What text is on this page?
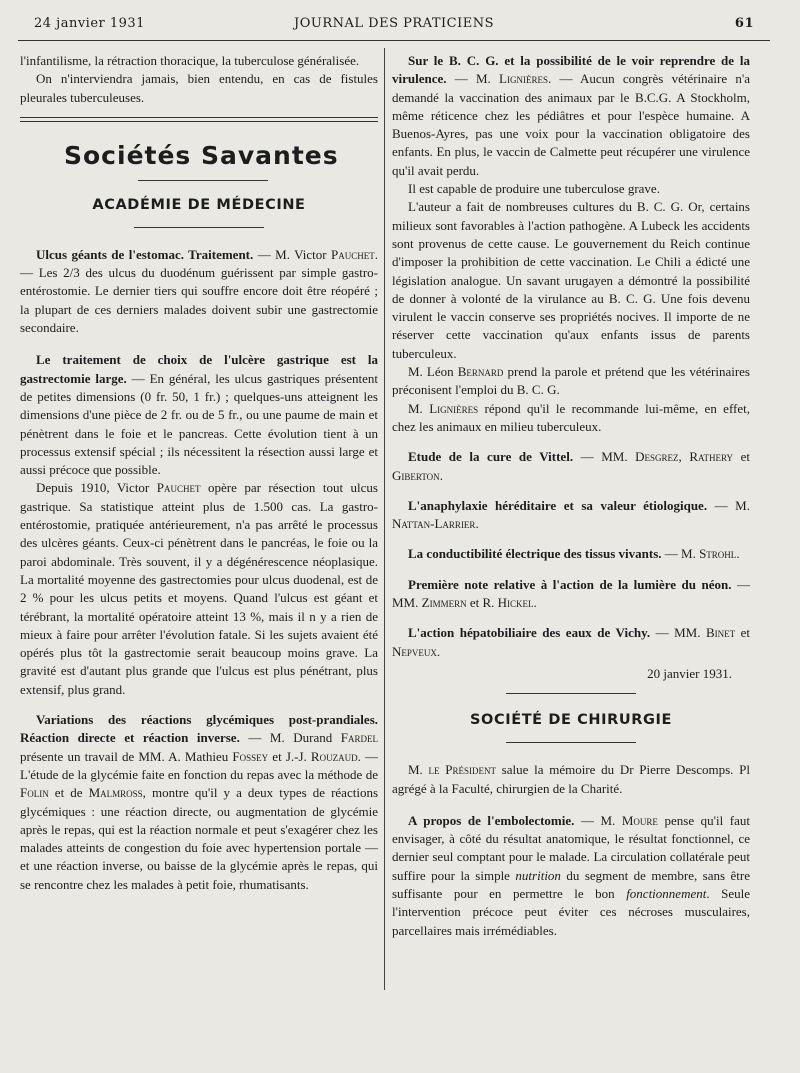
24 janvier 1931	JOURNAL DES PRATICIENS	61

l'infantilisme, la rétraction thoracique, la tuberculose généralisée.

On n'interviendra jamais, bien entendu, en cas de fistules pleurales tuberculeuses.

Sociétés Savantes
ACADÉMIE DE MÉDECINE

Ulcus géants de l'estomac. Traitement. — M. Victor Pauchet. — Les 2/3 des ulcus du duodénum guérissent par simple gastro-entérostomie. Le dernier tiers qui souffre encore doit être réopéré ; la plupart de ces derniers malades doivent subir une gastrectomie secondaire.

Le traitement de choix de l'ulcère gastrique est la gastrectomie large. — En général, les ulcus gastriques présentent de petites dimensions (0 fr. 50, 1 fr.) ; quelques-uns atteignent les dimensions d'une pièce de 2 fr. ou de 5 fr., ou une paume de main et pénètrent dans le foie et le pancreas. Cette évolution tient à un processus extensif spécial ; ils nécessitent la résection aussi large et aussi précoce que possible.

Depuis 1910, Victor Pauchet opère par résection tout ulcus gastrique. Sa statistique atteint plus de 1.500 cas. La gastro-entérostomie, pratiquée antérieurement, n'a pas arrêté le processus des ulcères géants. Ceux-ci pénètrent dans le pancréas, le foie ou la paroi abdominale. Très souvent, il y a dégénérescence néoplasique. La mortalité moyenne des gastrectomies pour ulcus duodenal, est de 2 % pour les ulcus petits et moyens. Quand l'ulcus est géant et térébrant, la mortalité opératoire atteint 13 %, mais il n y a rien de mieux à faire pour arrêter l'évolution fatale. Si les sujets avaient été opérés plus tôt la gastrectomie serait beaucoup moins grave. La gravité est d'autant plus grande que l'ulcus est plus pénétrant, plus extensif, plus grand.

Variations des réactions glycémiques post-prandiales. Réaction directe et réaction inverse. — M. Durand Fardel présente un travail de MM. A. Mathieu Fossey et J.-J. Rouzaud. — L'étude de la glycémie faite en fonction du repas avec la méthode de Folin et de Malmross, montre qu'il y a deux types de réactions glycémiques : une réaction directe, ou augmentation de glycémie après le repas, qui est la réaction normale et peut s'exagérer chez les malades atteints de congestion du foie avec hypertension portale — et une réaction inverse, ou baisse de la glycémie après le repas, qui se rencontre chez les malades à petit foie, rhumatisants.

Sur le B. C. G. et la possibilité de le voir reprendre de la virulence. — M. Lignières. — Aucun congrès vétérinaire n'a demandé la vaccination des animaux par le B.C.G. A Stockholm, même réticence chez les pédiâtres et pour l'espèce humaine. A Buenos-Ayres, pas une voix pour la vaccination obligatoire des enfants. En plus, le vaccin de Calmette peut récupérer une virulence qu'il avait perdu.

Il est capable de produire une tuberculose grave.

L'auteur a fait de nombreuses cultures du B. C. G. Or, certains milieux sont favorables à l'action pathogène. A Lubeck les accidents sont provenus de cette cause. Le gouvernement du Reich continue d'imposer la prohibition de cette vaccination. Le Chili a édicté une législation analogue. Un savant urugayen a démontré la possibilité de donner à volonté de la virulance au B. C. G. Une fois devenu virulent le vaccin conserve ses propriétés nocives. Il importe de ne réserver cette vaccination qu'aux enfants issus de parents tuberculeux.

M. Léon Bernard prend la parole et prétend que les vétérinaires préconisent l'emploi du B. C. G.

M. Lignières répond qu'il le recommande lui-même, en effet, chez les animaux en milieu tuberculeux.

Etude de la cure de Vittel. — MM. Desgrez, Rathery et Giberton.

L'anaphylaxie héréditaire et sa valeur étiologique. — M. Nattan-Larrier.

La conductibilité électrique des tissus vivants. — M. Strohl.

Première note relative à l'action de la lumière du néon. — MM. Zimmern et R. Hickel.

L'action hépatobiliaire des eaux de Vichy. — MM. Binet et Nepveux.

20 janvier 1931.

SOCIÉTÉ DE CHIRURGIE

M. le Président salue la mémoire du Dr Pierre Descomps. Pl agrégé à la Faculté, chirurgien de la Charité.

A propos de l'embolectomie. — M. Moure pense qu'il faut envisager, à côté du résultat anatomique, le résultat fonctionnel, ce dernier seul comptant pour le malade. La circulation collatérale peut suffire pour la simple nutrition du segment de membre, sans être suffisante pour en permettre le bon fonctionnement. Seule l'intervention précoce peut éviter ces nécroses musculaires, parcellaires mais irrémédiables.
